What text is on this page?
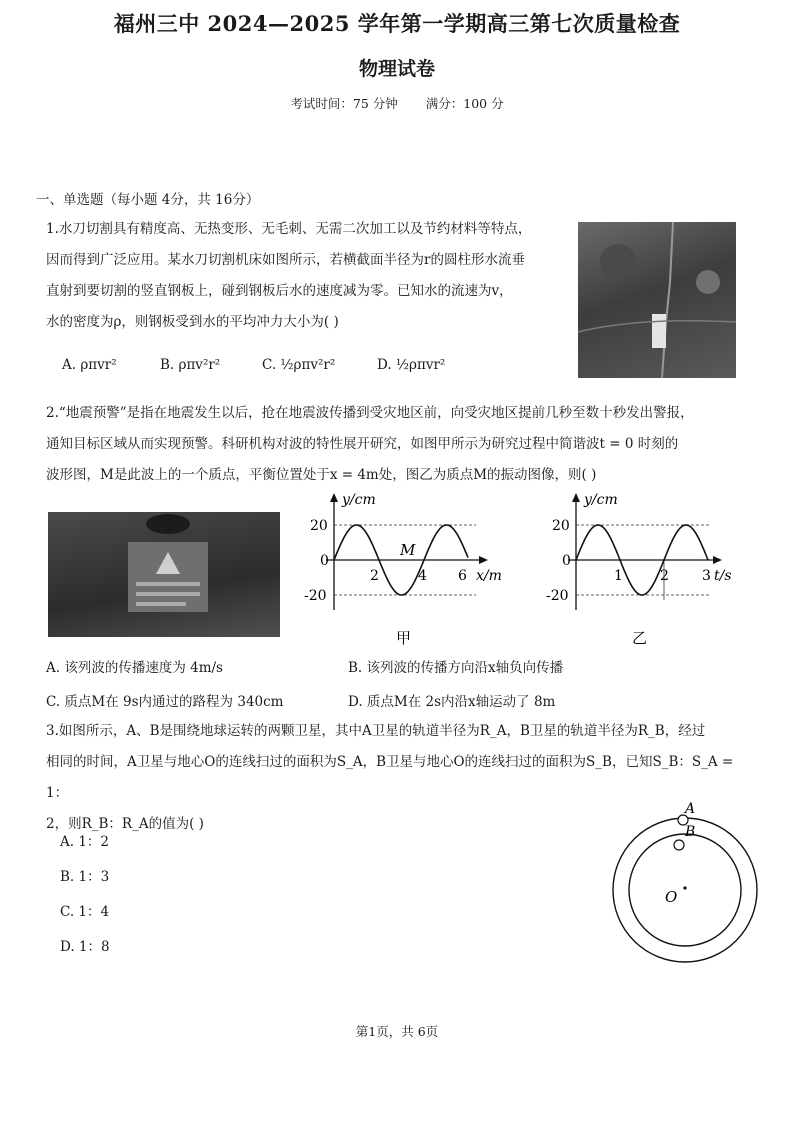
福州三中 2024—2025 学年第一学期高三第七次质量检查
物理试卷
考试时间：75 分钟 满分：100 分
一、单选题（每小题 4分，共 16分）
1.水刀切割具有精度高、无热变形、无毛刺、无需二次加工以及节约材料等特点，
因而得到广泛应用。某水刀切割机床如图所示，若横截面半径为r的圆柱形水流垂
直射到要切割的竖直钢板上，碰到钢板后水的速度减为零。已知水的流速为v，
水的密度为ρ，则钢板受到水的平均冲力大小为( )
A. ρπvr²	B. ρπv²r²	C. ½ρπv²r²	D. ½ρπvr²
2.“地震预警”是指在地震发生以后，抢在地震波传播到受灾地区前，向受灾地区提前几秒至数十秒发出警报，
通知目标区域从而实现预警。科研机构对波的特性展开研究，如图甲所示为研究过程中简谐波t = 0 时刻的
波形图，M是此波上的一个质点，平衡位置处于x = 4m处，图乙为质点M的振动图像，则( )
y/cm
x/m
20
0
-20
2	4 6
M
甲
y/cm
t/s
20
0
-20
1	2 3
乙
A. 该列波的传播速度为 4m/s	B. 该列波的传播方向沿x轴负向传播
C. 质点M在 9s内通过的路程为 340cm	D. 质点M在 2s内沿x轴运动了 8m
3.如图所示，A、B是围绕地球运转的两颗卫星，其中A卫星的轨道半径为R_A，B卫星的轨道半径为R_B，经过
相同的时间，A卫星与地心O的连线扫过的面积为S_A，B卫星与地心O的连线扫过的面积为S_B，已知S_B：S_A = 1：
2，则R_B：R_A的值为( )
A. 1：2
B. 1：3
C. 1：4
D. 1：8
A
B
O
第1页，共 6页
